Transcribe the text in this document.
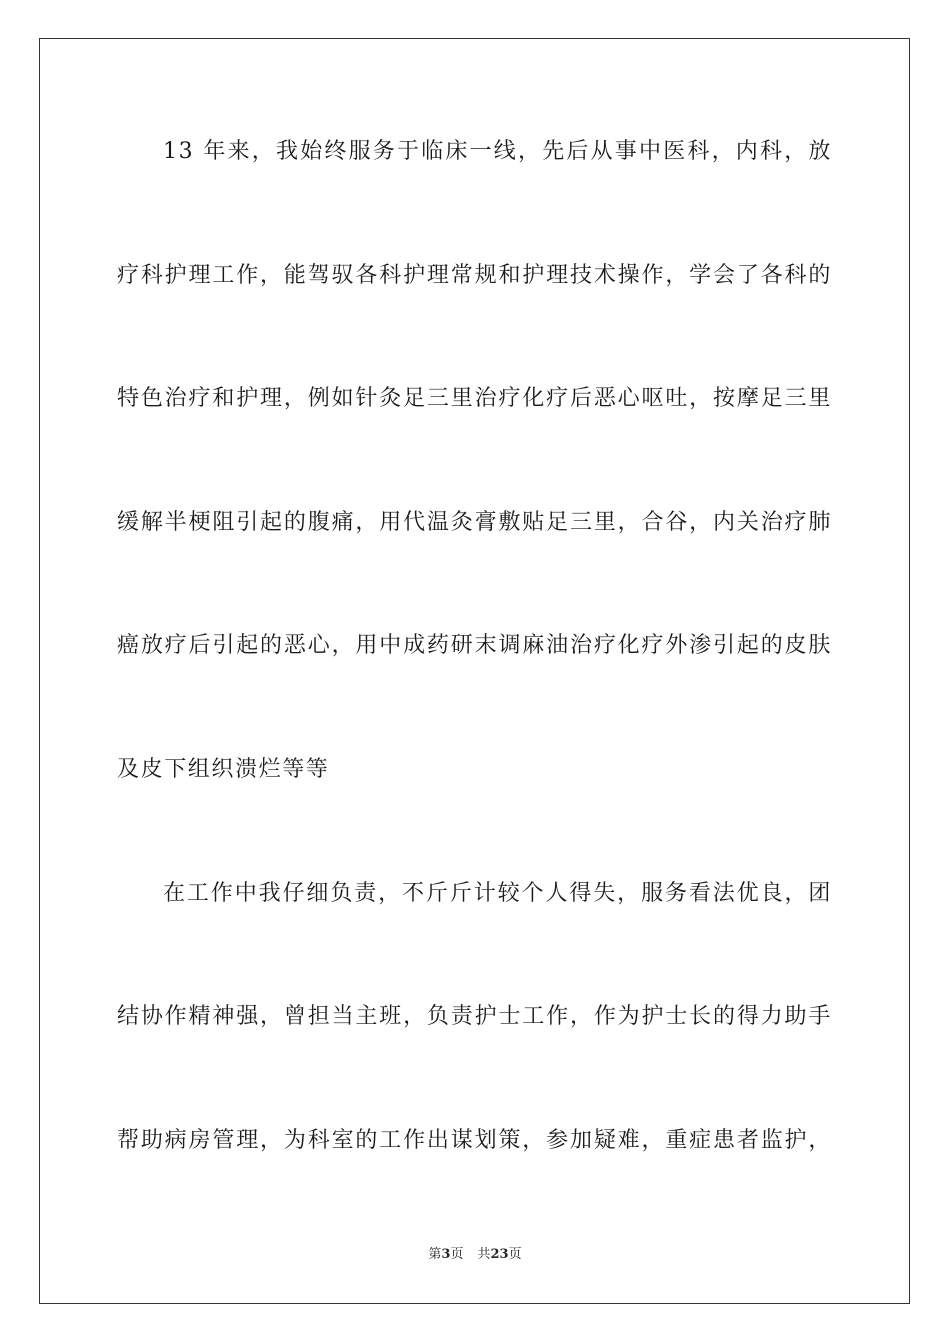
13 年来，我始终服务于临床一线，先后从事中医科，内科，放
疗科护理工作，能驾驭各科护理常规和护理技术操作，学会了各科的
特色治疗和护理，例如针灸足三里治疗化疗后恶心呕吐，按摩足三里
缓解半梗阻引起的腹痛，用代温灸膏敷贴足三里，合谷，内关治疗肺
癌放疗后引起的恶心，用中成药研末调麻油治疗化疗外渗引起的皮肤
及皮下组织溃烂等等
在工作中我仔细负责，不斤斤计较个人得失，服务看法优良，团
结协作精神强，曾担当主班，负责护士工作，作为护士长的得力助手
帮助病房管理，为科室的工作出谋划策，参加疑难，重症患者监护，
第3页 共23页
